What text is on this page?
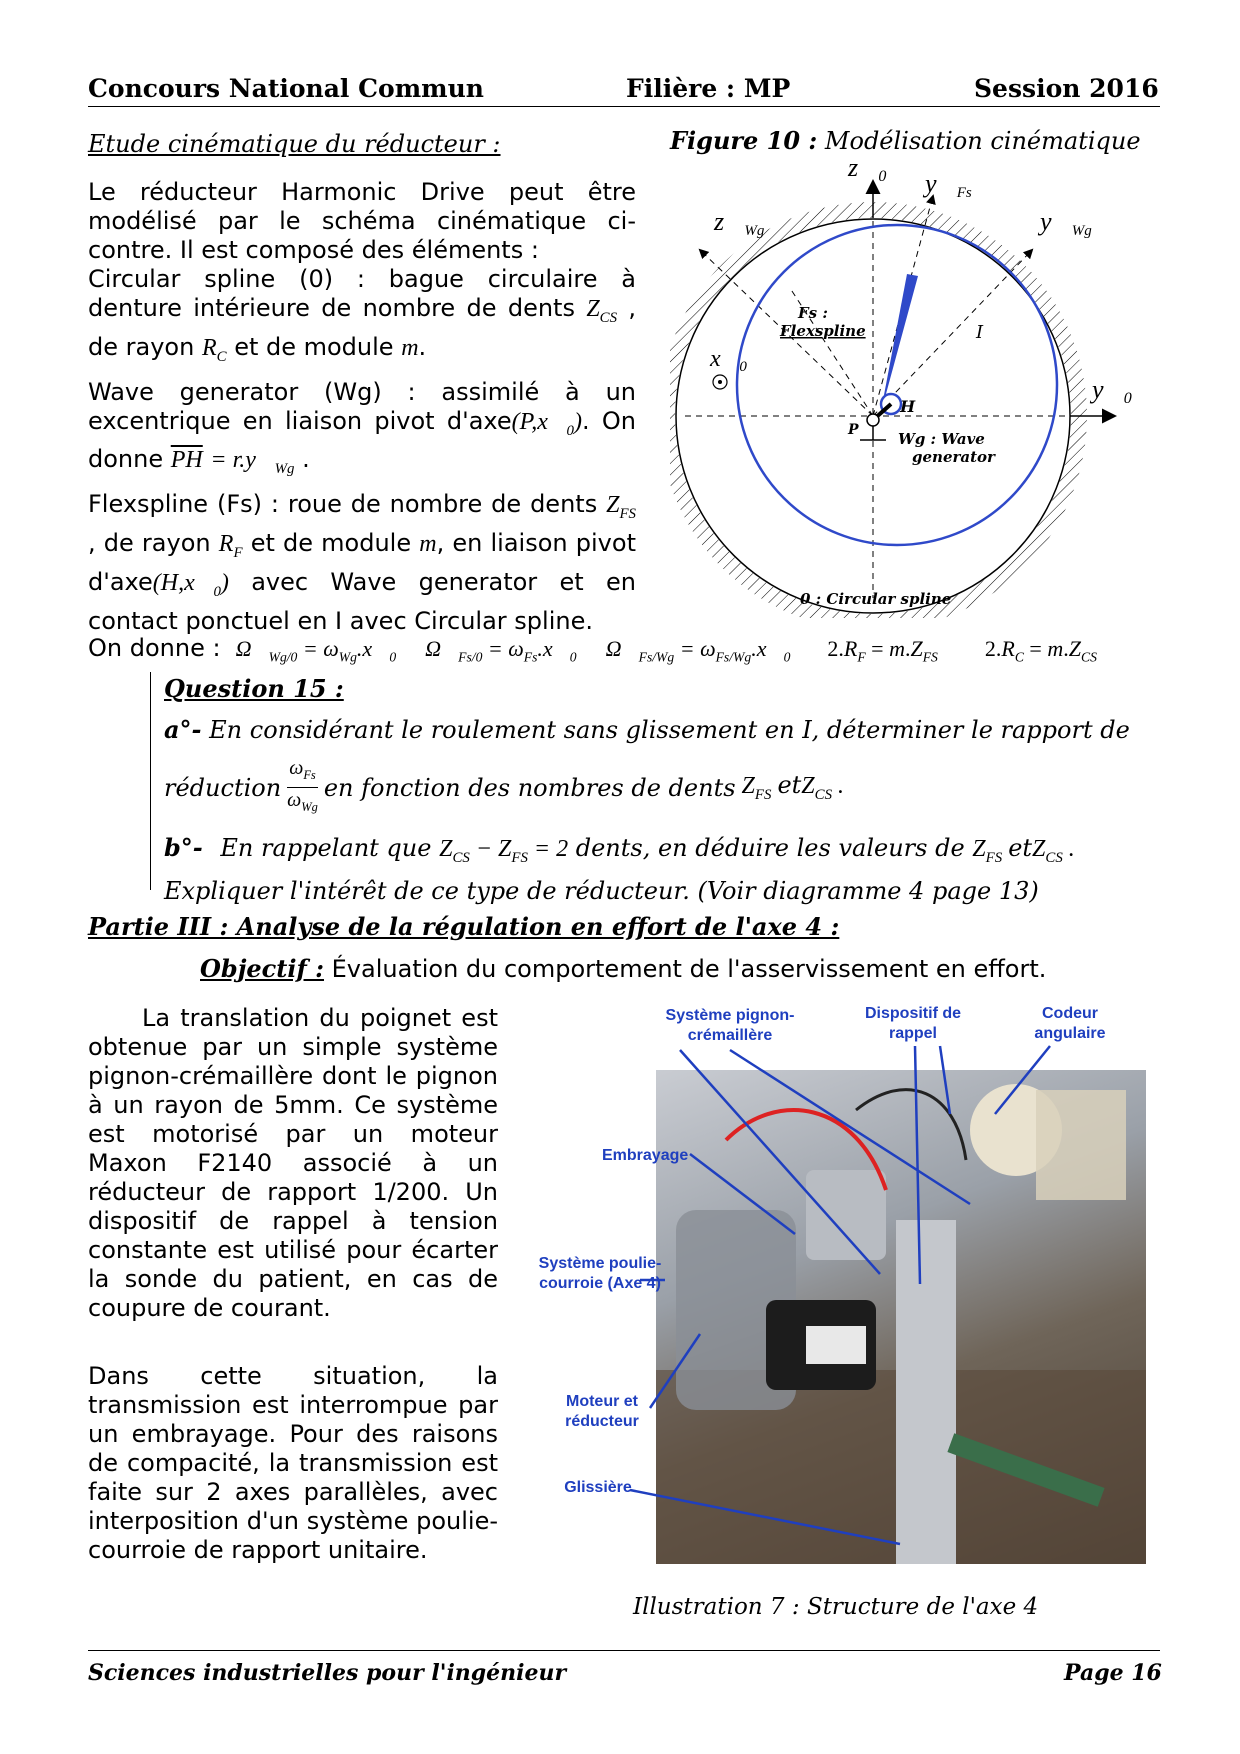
Concours National Commun	Filière : MP	Session 2016
Etude cinématique du réducteur :
Le réducteur Harmonic Drive peut être modélisé par le schéma cinématique ci-contre. Il est composé des éléments :
Circular spline (0) : bague circulaire à denture intérieure de nombre de dents $Z_{CS}$ , de rayon $R_C$ et de module m.
Wave generator (Wg) : assimilé à un excentrique en liaison pivot $d'axe(P,x⃗_0)$. On donne $\overline{PH}$ = $r.y⃗_{Wg}$ .
Flexspline (Fs) : roue de nombre de dents $Z_{FS}$ , de rayon $R_F$ et de module m, en liaison pivot $d'axe(H,x⃗_0)$ avec Wave generator et en contact ponctuel en I avec Circular spline.
Figure 10 : Modélisation cinématique
z⃗0 y⃗Fs
y⃗Wg
z⃗Wg
y⃗0
$x⃗_0$
Fs :
Flexspline	I
H
P	Wg : Wave
generator
0 : Circular spline
On donne : $\Omega⃗_{Wg/0}$ = $\omega_{Wg}.x⃗_0$ $\Omega⃗_{Fs/0}$ = $\omega_{Fs}.x⃗_0$ $\Omega⃗_{Fs/Wg}$ = $\omega_{Fs/Wg}.x⃗_0$ $2.R_F = m.Z_{FS}$ $2.R_C = m.Z_{CS}$
Question 15 :
a°- En considérant le roulement sans glissement en I, déterminer le rapport de
réduction
$\omega_{Fs}$
$\omega_{Wg}$
en fonction des nombres de dents $Z_{FS}$ etZ$_{CS}$ .
b°- En rappelant que $Z_{CS} - Z_{FS} = 2$ dents, en déduire les valeurs de $Z_{FS}$ etZ$_{CS}$ .
Expliquer l'intérêt de ce type de réducteur. (Voir diagramme 4 page 13)
Partie III : Analyse de la régulation en effort de l'axe 4 :
Objectif : Évaluation du comportement de l'asservissement en effort.
La translation du poignet est obtenue par un simple système pignon-crémaillère dont le pignon à un rayon de 5mm. Ce système est motorisé par un moteur Maxon F2140 associé à un réducteur de rapport 1/200. Un dispositif de rappel à tension constante est utilisé pour écarter la sonde du patient, en cas de coupure de courant.
Dans cette situation, la transmission est interrompue par un embrayage. Pour des raisons de compacité, la transmission est faite sur 2 axes parallèles, avec interposition d'un système poulie-courroie de rapport unitaire.
Système pignon-crémaillère
Dispositif de rappel
Codeur angulaire
Embrayage
Système poulie-courroie (Axe 4)
Moteur et réducteur
Glissière
Illustration 7 : Structure de l'axe 4
Sciences industrielles pour l'ingénieur	Page 16
